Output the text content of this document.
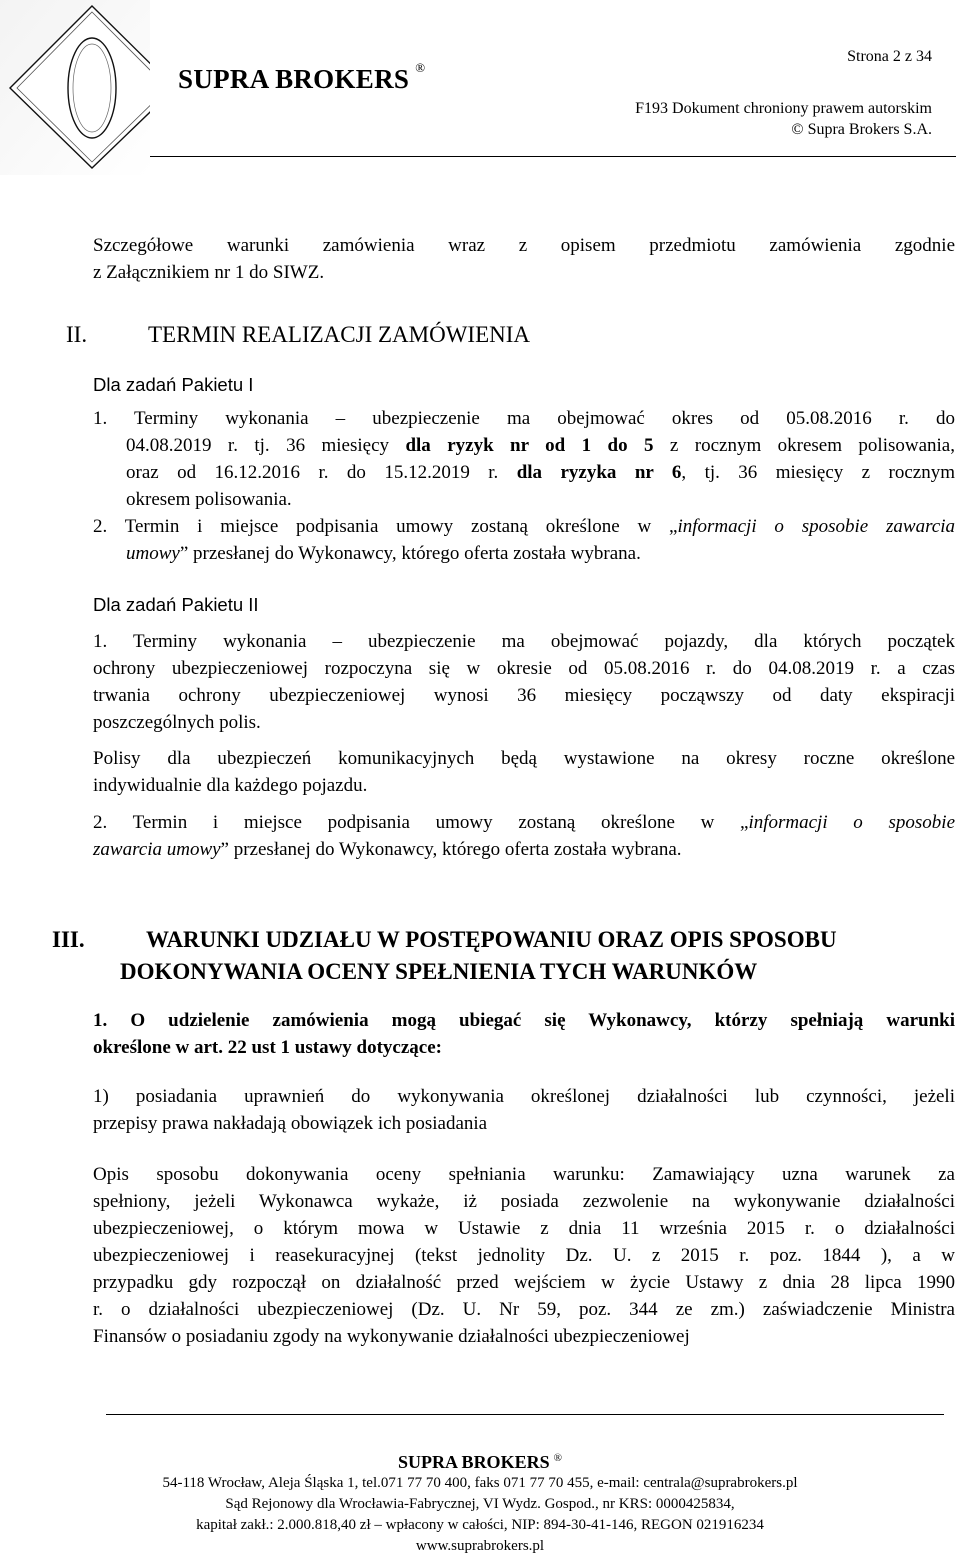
Strona 2 z 34
SUPRA BROKERS ®
F193 Dokument chroniony prawem autorskim
© Supra Brokers S.A.
Szczegółowe warunki zamówienia wraz z opisem przedmiotu zamówienia zgodnie
z Załącznikiem nr 1 do SIWZ.
II.	TERMIN REALIZACJI ZAMÓWIENIA
Dla zadań Pakietu I
1. Terminy wykonania – ubezpieczenie ma obejmować okres od 05.08.2016 r. do
04.08.2019 r. tj. 36 miesięcy dla ryzyk nr od 1 do 5 z rocznym okresem polisowania,
oraz od 16.12.2016 r. do 15.12.2019 r. dla ryzyka nr 6, tj. 36 miesięcy z rocznym
okresem polisowania.
2. Termin i miejsce podpisania umowy zostaną określone w „informacji o sposobie zawarcia
umowy” przesłanej do Wykonawcy, którego oferta została wybrana.
Dla zadań Pakietu II
1. Terminy wykonania – ubezpieczenie ma obejmować pojazdy, dla których początek
ochrony ubezpieczeniowej rozpoczyna się w okresie od 05.08.2016 r. do 04.08.2019 r. a czas
trwania ochrony ubezpieczeniowej wynosi 36 miesięcy począwszy od daty ekspiracji
poszczególnych polis.
Polisy dla ubezpieczeń komunikacyjnych będą wystawione na okresy roczne określone
indywidualnie dla każdego pojazdu.
2. Termin i miejsce podpisania umowy zostaną określone w „informacji o sposobie
zawarcia umowy” przesłanej do Wykonawcy, którego oferta została wybrana.
III.	WARUNKI UDZIAŁU W POSTĘPOWANIU ORAZ OPIS SPOSOBU
DOKONYWANIA OCENY SPEŁNIENIA TYCH WARUNKÓW
1. O udzielenie zamówienia mogą ubiegać się Wykonawcy, którzy spełniają warunki
określone w art. 22 ust 1 ustawy dotyczące:
1) posiadania uprawnień do wykonywania określonej działalności lub czynności, jeżeli
przepisy prawa nakładają obowiązek ich posiadania
Opis sposobu dokonywania oceny spełniania warunku: Zamawiający uzna warunek za
spełniony, jeżeli Wykonawca wykaże, iż posiada zezwolenie na wykonywanie działalności
ubezpieczeniowej, o którym mowa w Ustawie z dnia 11 września 2015 r. o działalności
ubezpieczeniowej i reasekuracyjnej (tekst jednolity Dz. U. z 2015 r. poz. 1844 ), a w
przypadku gdy rozpoczął on działalność przed wejściem w życie Ustawy z dnia 28 lipca 1990
r. o działalności ubezpieczeniowej (Dz. U. Nr 59, poz. 344 ze zm.) zaświadczenie Ministra
Finansów o posiadaniu zgody na wykonywanie działalności ubezpieczeniowej
SUPRA BROKERS ®
54-118 Wrocław, Aleja Śląska 1, tel.071 77 70 400, faks 071 77 70 455, e-mail: centrala@suprabrokers.pl
Sąd Rejonowy dla Wrocławia-Fabrycznej, VI Wydz. Gospod., nr KRS: 0000425834,
kapitał zakł.: 2.000.818,40 zł – wpłacony w całości, NIP: 894-30-41-146, REGON 021916234
www.suprabrokers.pl
